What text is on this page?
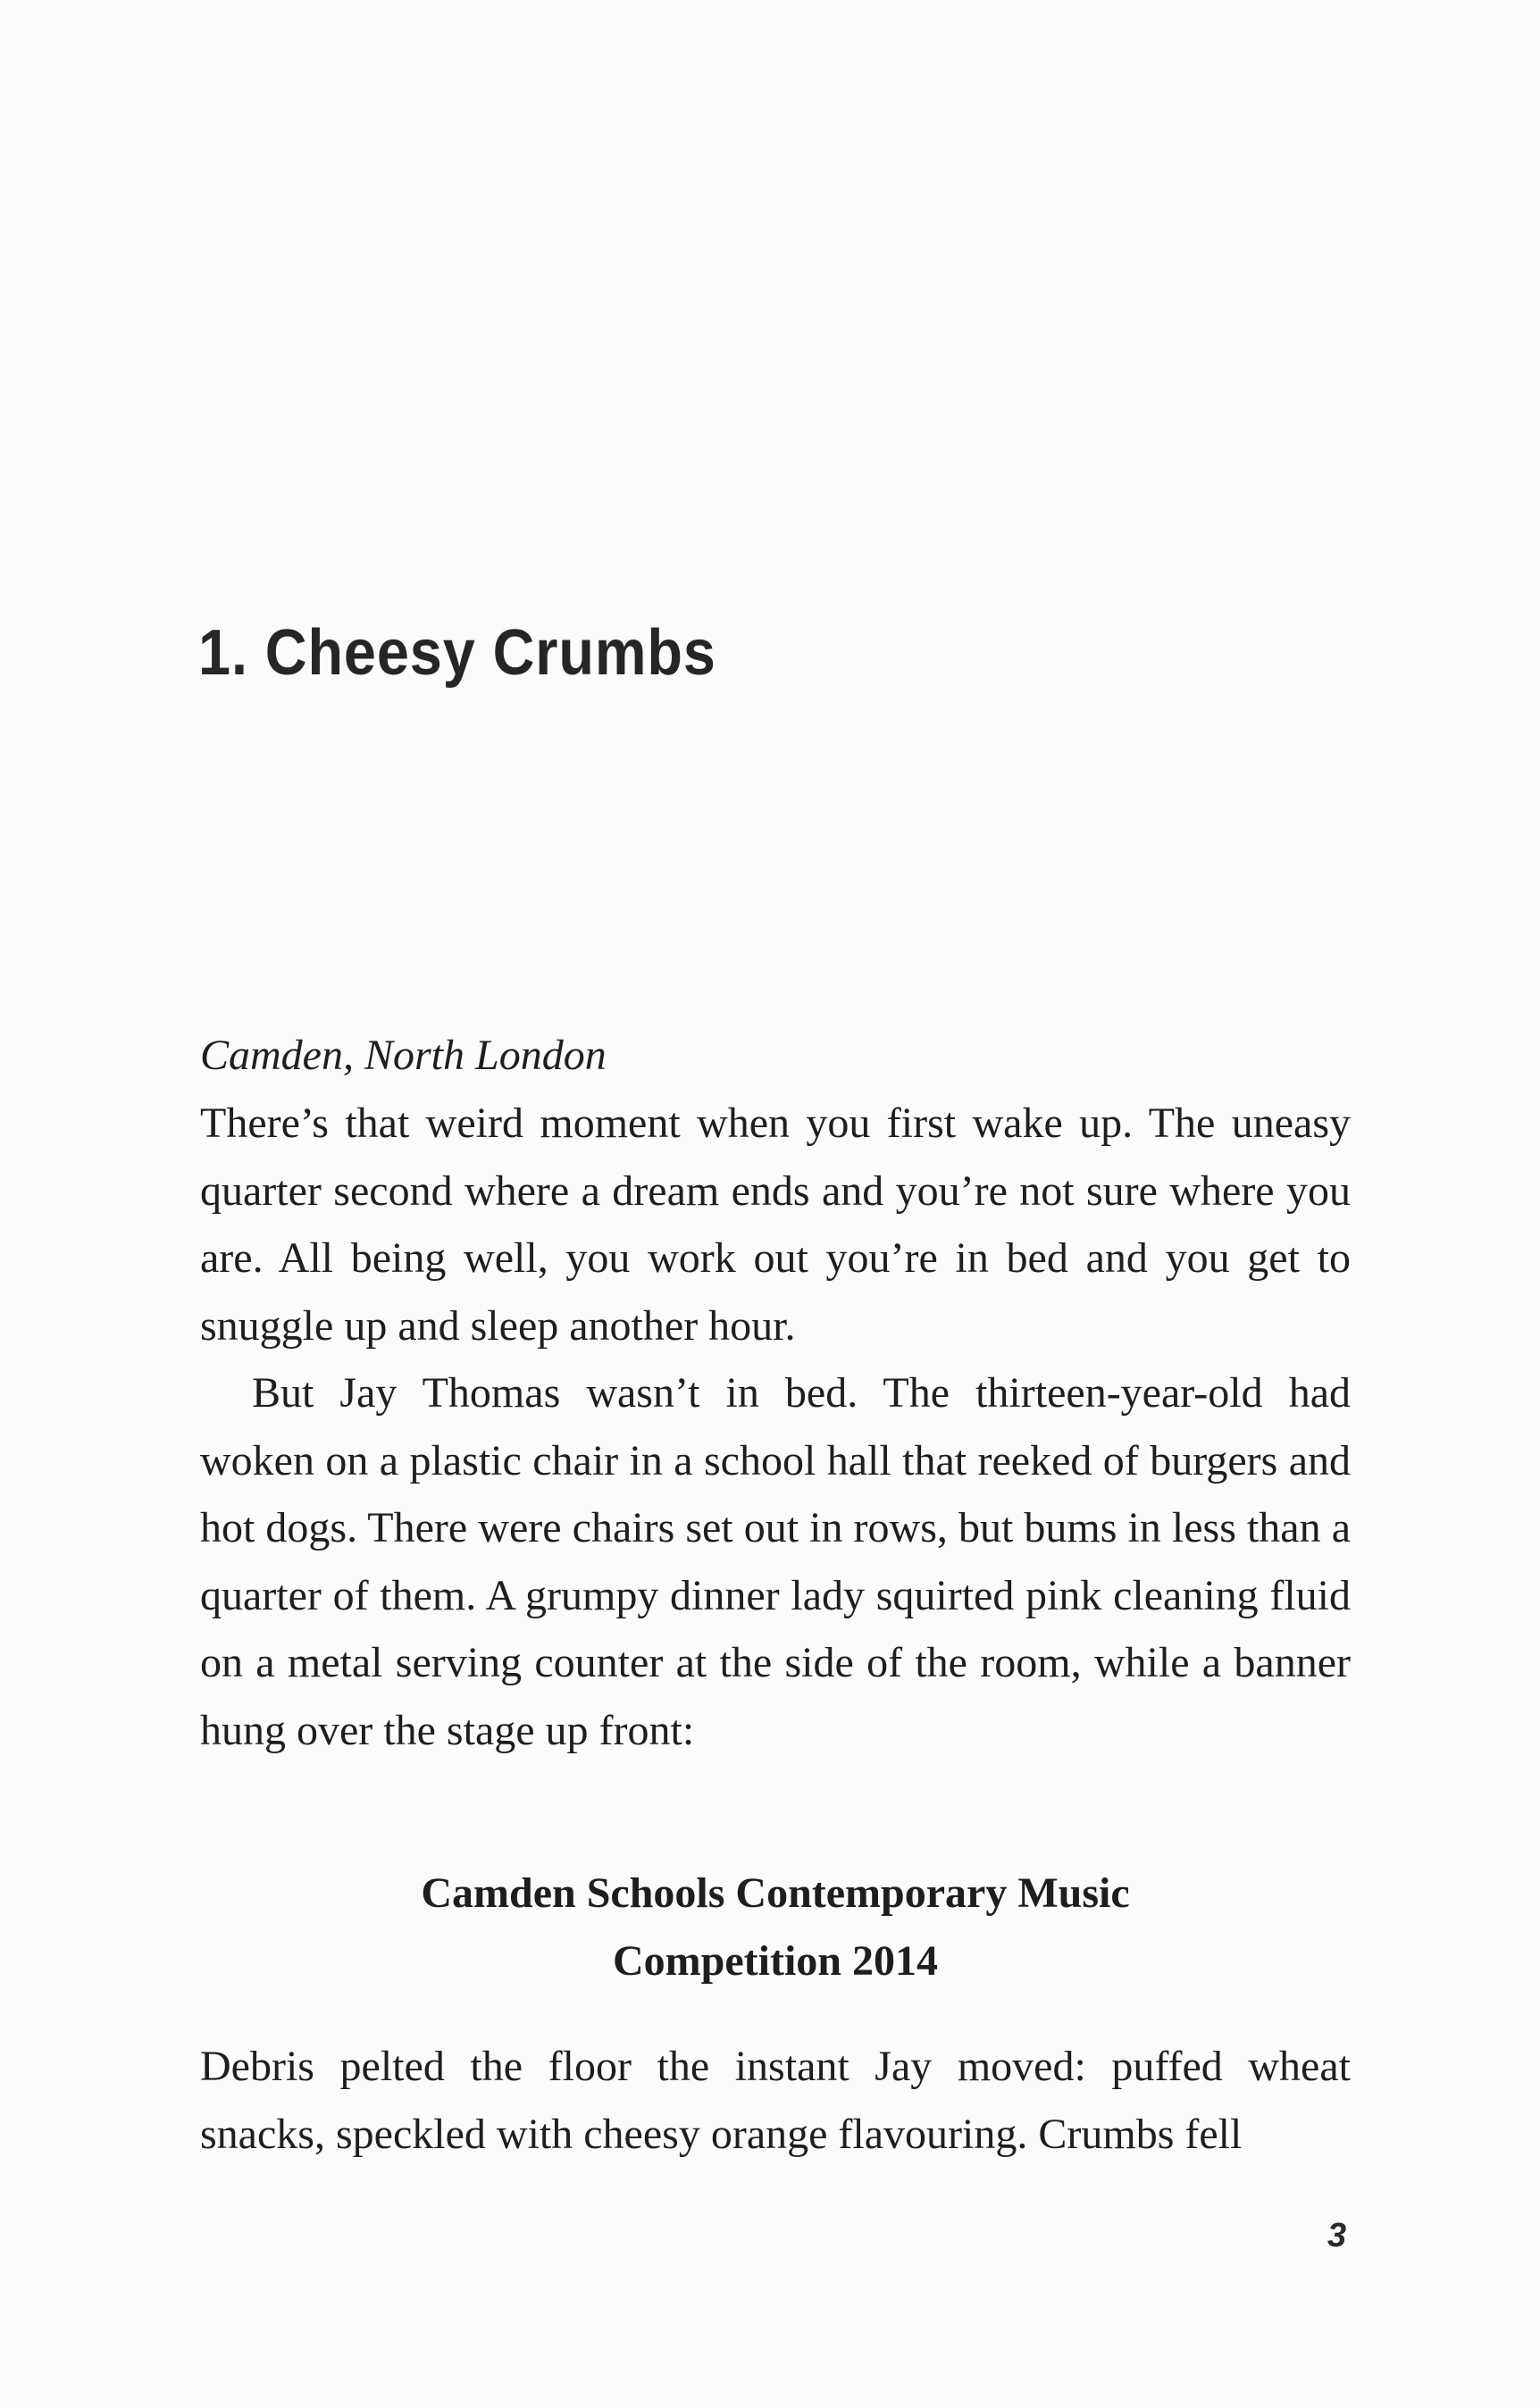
1. Cheesy Crumbs

Camden, North London

There’s that weird moment when you first wake up. The uneasy quarter second where a dream ends and you’re not sure where you are. All being well, you work out you’re in bed and you get to snuggle up and sleep another hour.

But Jay Thomas wasn’t in bed. The thirteen-year-old had woken on a plastic chair in a school hall that reeked of burgers and hot dogs. There were chairs set out in rows, but bums in less than a quarter of them. A grumpy dinner lady squirted pink cleaning fluid on a metal serving counter at the side of the room, while a banner hung over the stage up front:

Camden Schools Contemporary Music
Competition 2014

Debris pelted the floor the instant Jay moved: puffed wheat snacks, speckled with cheesy orange flavouring. Crumbs fell

3
